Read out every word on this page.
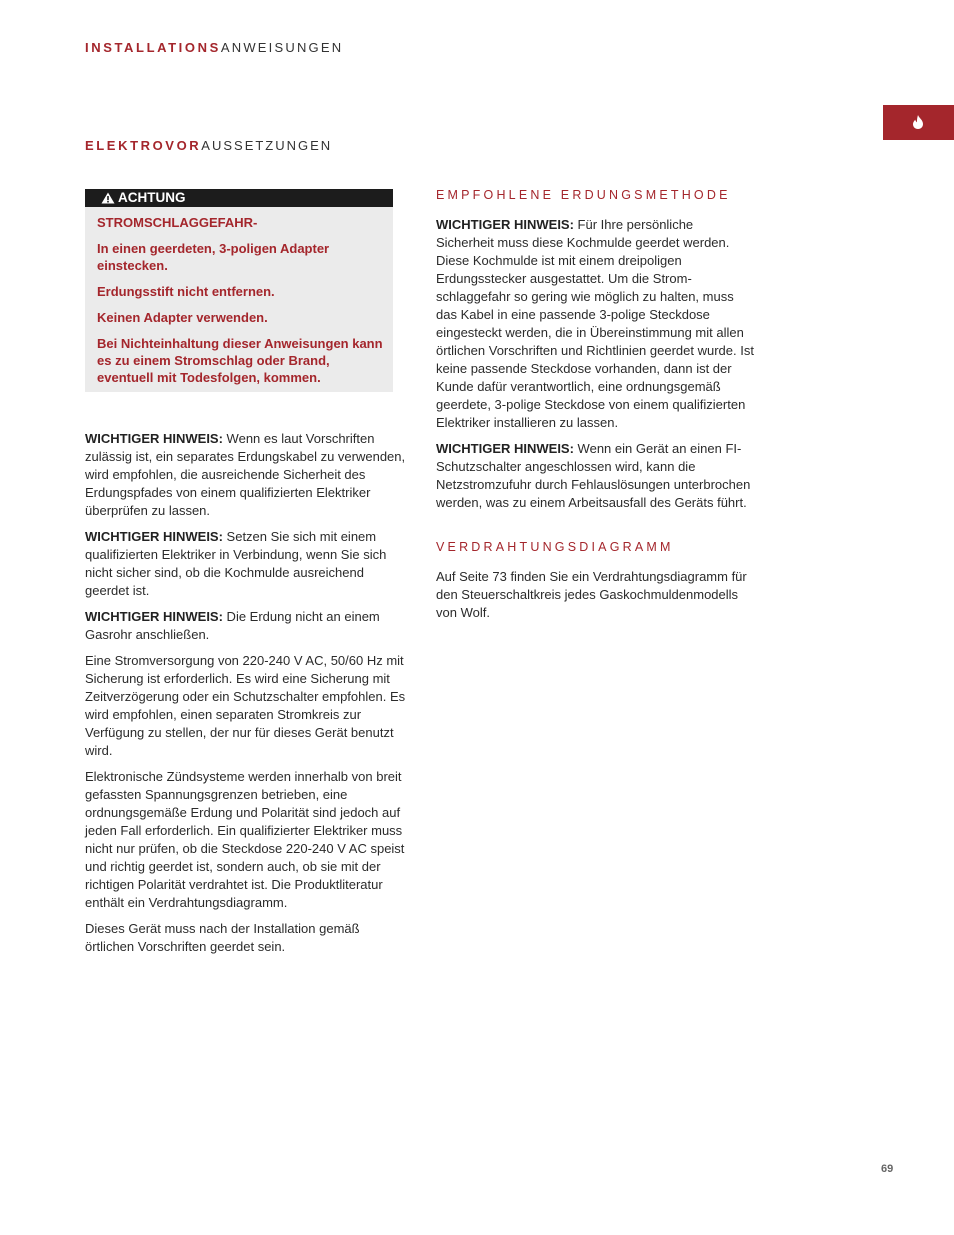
INSTALLATIONSANWEISUNGEN
ELEKTROVORAUSSETZUNGEN
ACHTUNG

STROMSCHLAGGEFAHR-

In einen geerdeten, 3-poligen Adapter einstecken.

Erdungsstift nicht entfernen.

Keinen Adapter verwenden.

Bei Nichteinhaltung dieser Anweisungen kann es zu einem Stromschlag oder Brand, eventuell mit Todesfolgen, kommen.

WICHTIGER HINWEIS: Wenn es laut Vorschriften zulässig ist, ein separates Erdungskabel zu verwenden, wird empfohlen, die ausreichende Sicherheit des Erdungspfades von einem qualifizierten Elektriker überprüfen zu lassen.

WICHTIGER HINWEIS: Setzen Sie sich mit einem qualifizierten Elektriker in Verbindung, wenn Sie sich nicht sicher sind, ob die Kochmulde ausreichend geerdet ist.

WICHTIGER HINWEIS: Die Erdung nicht an einem Gasrohr anschließen.

Eine Stromversorgung von 220-240 V AC, 50/60 Hz mit Sicherung ist erforderlich. Es wird eine Sicherung mit Zeitverzögerung oder ein Schutzschalter empfohlen. Es wird empfohlen, einen separaten Stromkreis zur Verfügung zu stellen, der nur für dieses Gerät benutzt wird.

Elektronische Zündsysteme werden innerhalb von breit gefassten Spannungsgrenzen betrieben, eine ordnungsgemäße Erdung und Polarität sind jedoch auf jeden Fall erforderlich. Ein qualifizierter Elektriker muss nicht nur prüfen, ob die Steckdose 220-240 V AC speist und richtig geerdet ist, sondern auch, ob sie mit der richtigen Polarität verdrahtet ist. Die Produktliteratur enthält ein Verdrahtungsdiagramm.

Dieses Gerät muss nach der Installation gemäß örtlichen Vorschriften geerdet sein.

EMPFOHLENE ERDUNGSMETHODE

WICHTIGER HINWEIS: Für Ihre persönliche Sicherheit muss diese Kochmulde geerdet werden. Diese Kochmulde ist mit einem dreipoligen Erdungsstecker ausgestattet. Um die Stromschlaggefahr so gering wie möglich zu halten, muss das Kabel in eine passende 3-polige Steckdose eingesteckt werden, die in Übereinstimmung mit allen örtlichen Vorschriften und Richtlinien geerdet wurde. Ist keine passende Steckdose vorhanden, dann ist der Kunde dafür verantwortlich, eine ordnungsgemäß geerdete, 3-polige Steckdose von einem qualifizierten Elektriker installieren zu lassen.

WICHTIGER HINWEIS: Wenn ein Gerät an einen FI-Schutzschalter angeschlossen wird, kann die Netzstromzufuhr durch Fehlauslösungen unterbrochen werden, was zu einem Arbeitsausfall des Geräts führt.

VERDRAHTUNGSDIAGRAMM

Auf Seite 73 finden Sie ein Verdrahtungsdiagramm für den Steuerschaltkreis jedes Gaskochmuldenmodells von Wolf.

69
